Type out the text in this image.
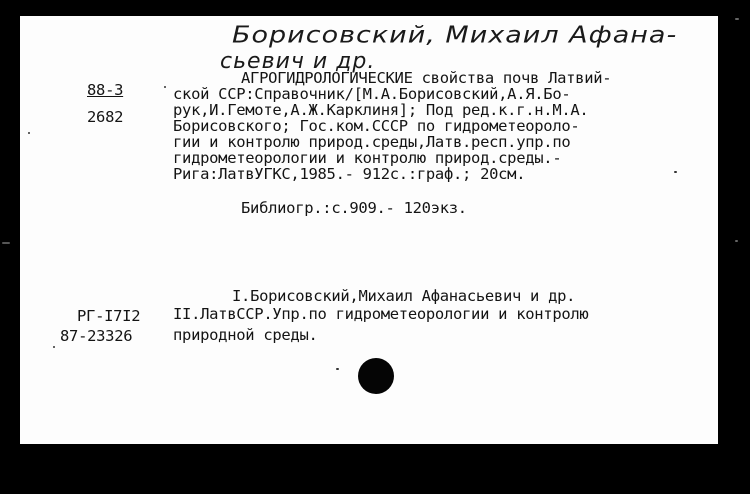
Борисовский, Михаил Афана-
сьевич и др.
88-3
2682
АГРОГИДРОЛОГИЧЕСКИЕ свойства почв Латвий-
ской ССР:Справочник/[М.А.Борисовский,А.Я.Бо-
рук,И.Гемоте,А.Ж.Карклиня]; Под ред.к.г.н.М.А.
Борисовского; Гос.ком.СССР по гидрометеороло-
гии и контролю природ.среды,Латв.респ.упр.по
гидрометеорологии и контролю природ.среды.-
Рига:ЛатвУГКС,1985.- 912с.:граф.; 20см.
Библиогр.:с.909.- 120экз.
I.Борисовский,Михаил Афанасьевич и др.
II.ЛатвССР.Упр.по гидрометеорологии и контролю
природной среды.
РГ-I7I2
87-23326
